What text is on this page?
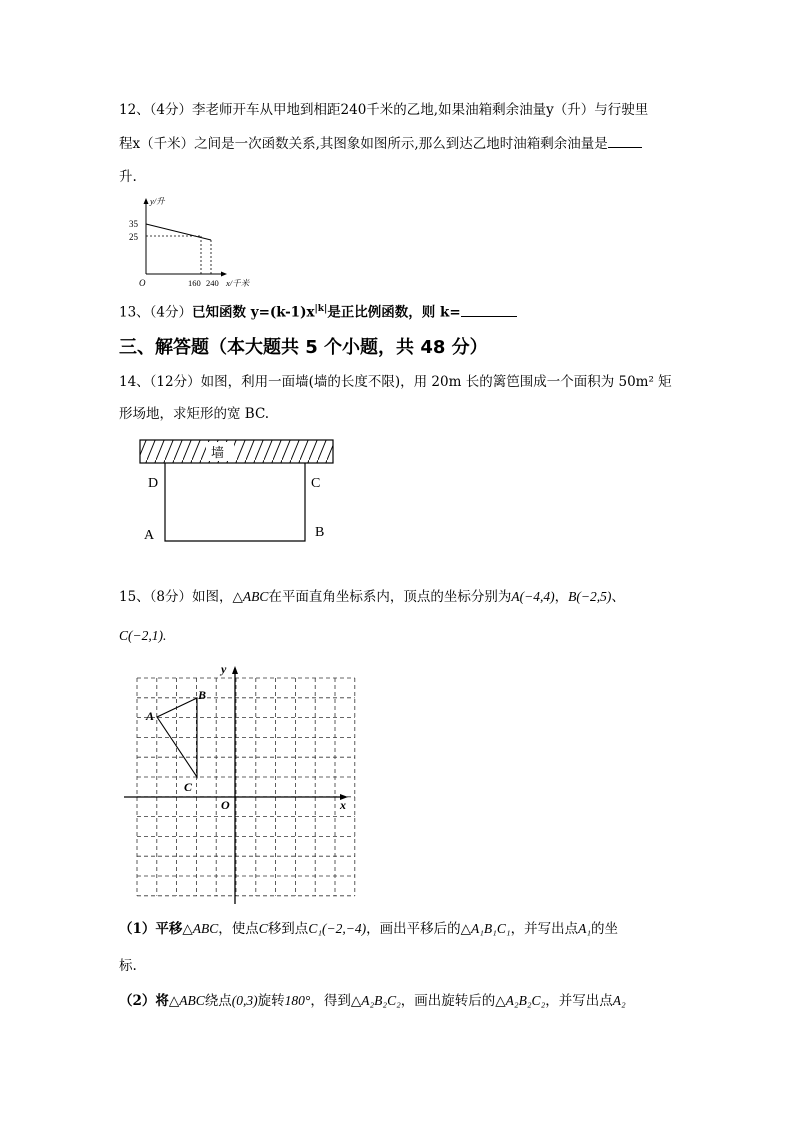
12、（4分）李老师开车从甲地到相距240千米的乙地,如果油箱剩余油量y（升）与行驶里
程x（千米）之间是一次函数关系,其图象如图所示,那么到达乙地时油箱剩余油量是
升.
y/升
35
25
O	160 240 x/千米
13、（4分）已知函数 $y=(k-1)x^{|k|}$是正比例函数，则 k=
三、解答题（本大题共 5 个小题，共 48 分）
14、（12分）如图，利用一面墙(墙的长度不限)，用 20m 长的篱笆围成一个面积为 50m² 矩
形场地，求矩形的宽 BC.
墙
D	C
A	B
15、（8分）如图，△ABC在平面直角坐标系内，顶点的坐标分别为A(−4,4)，B(−2,5)、
C(−2,1).
y
x
O
B
A
C
（1）平移△ABC，使点C移到点C₁(−2,−4)，画出平移后的△A₁B₁C₁，并写出点A₁的坐
标.
（2）将△ABC绕点(0,3)旋转180°，得到△A₂B₂C₂，画出旋转后的△A₂B₂C₂，并写出点A₂
